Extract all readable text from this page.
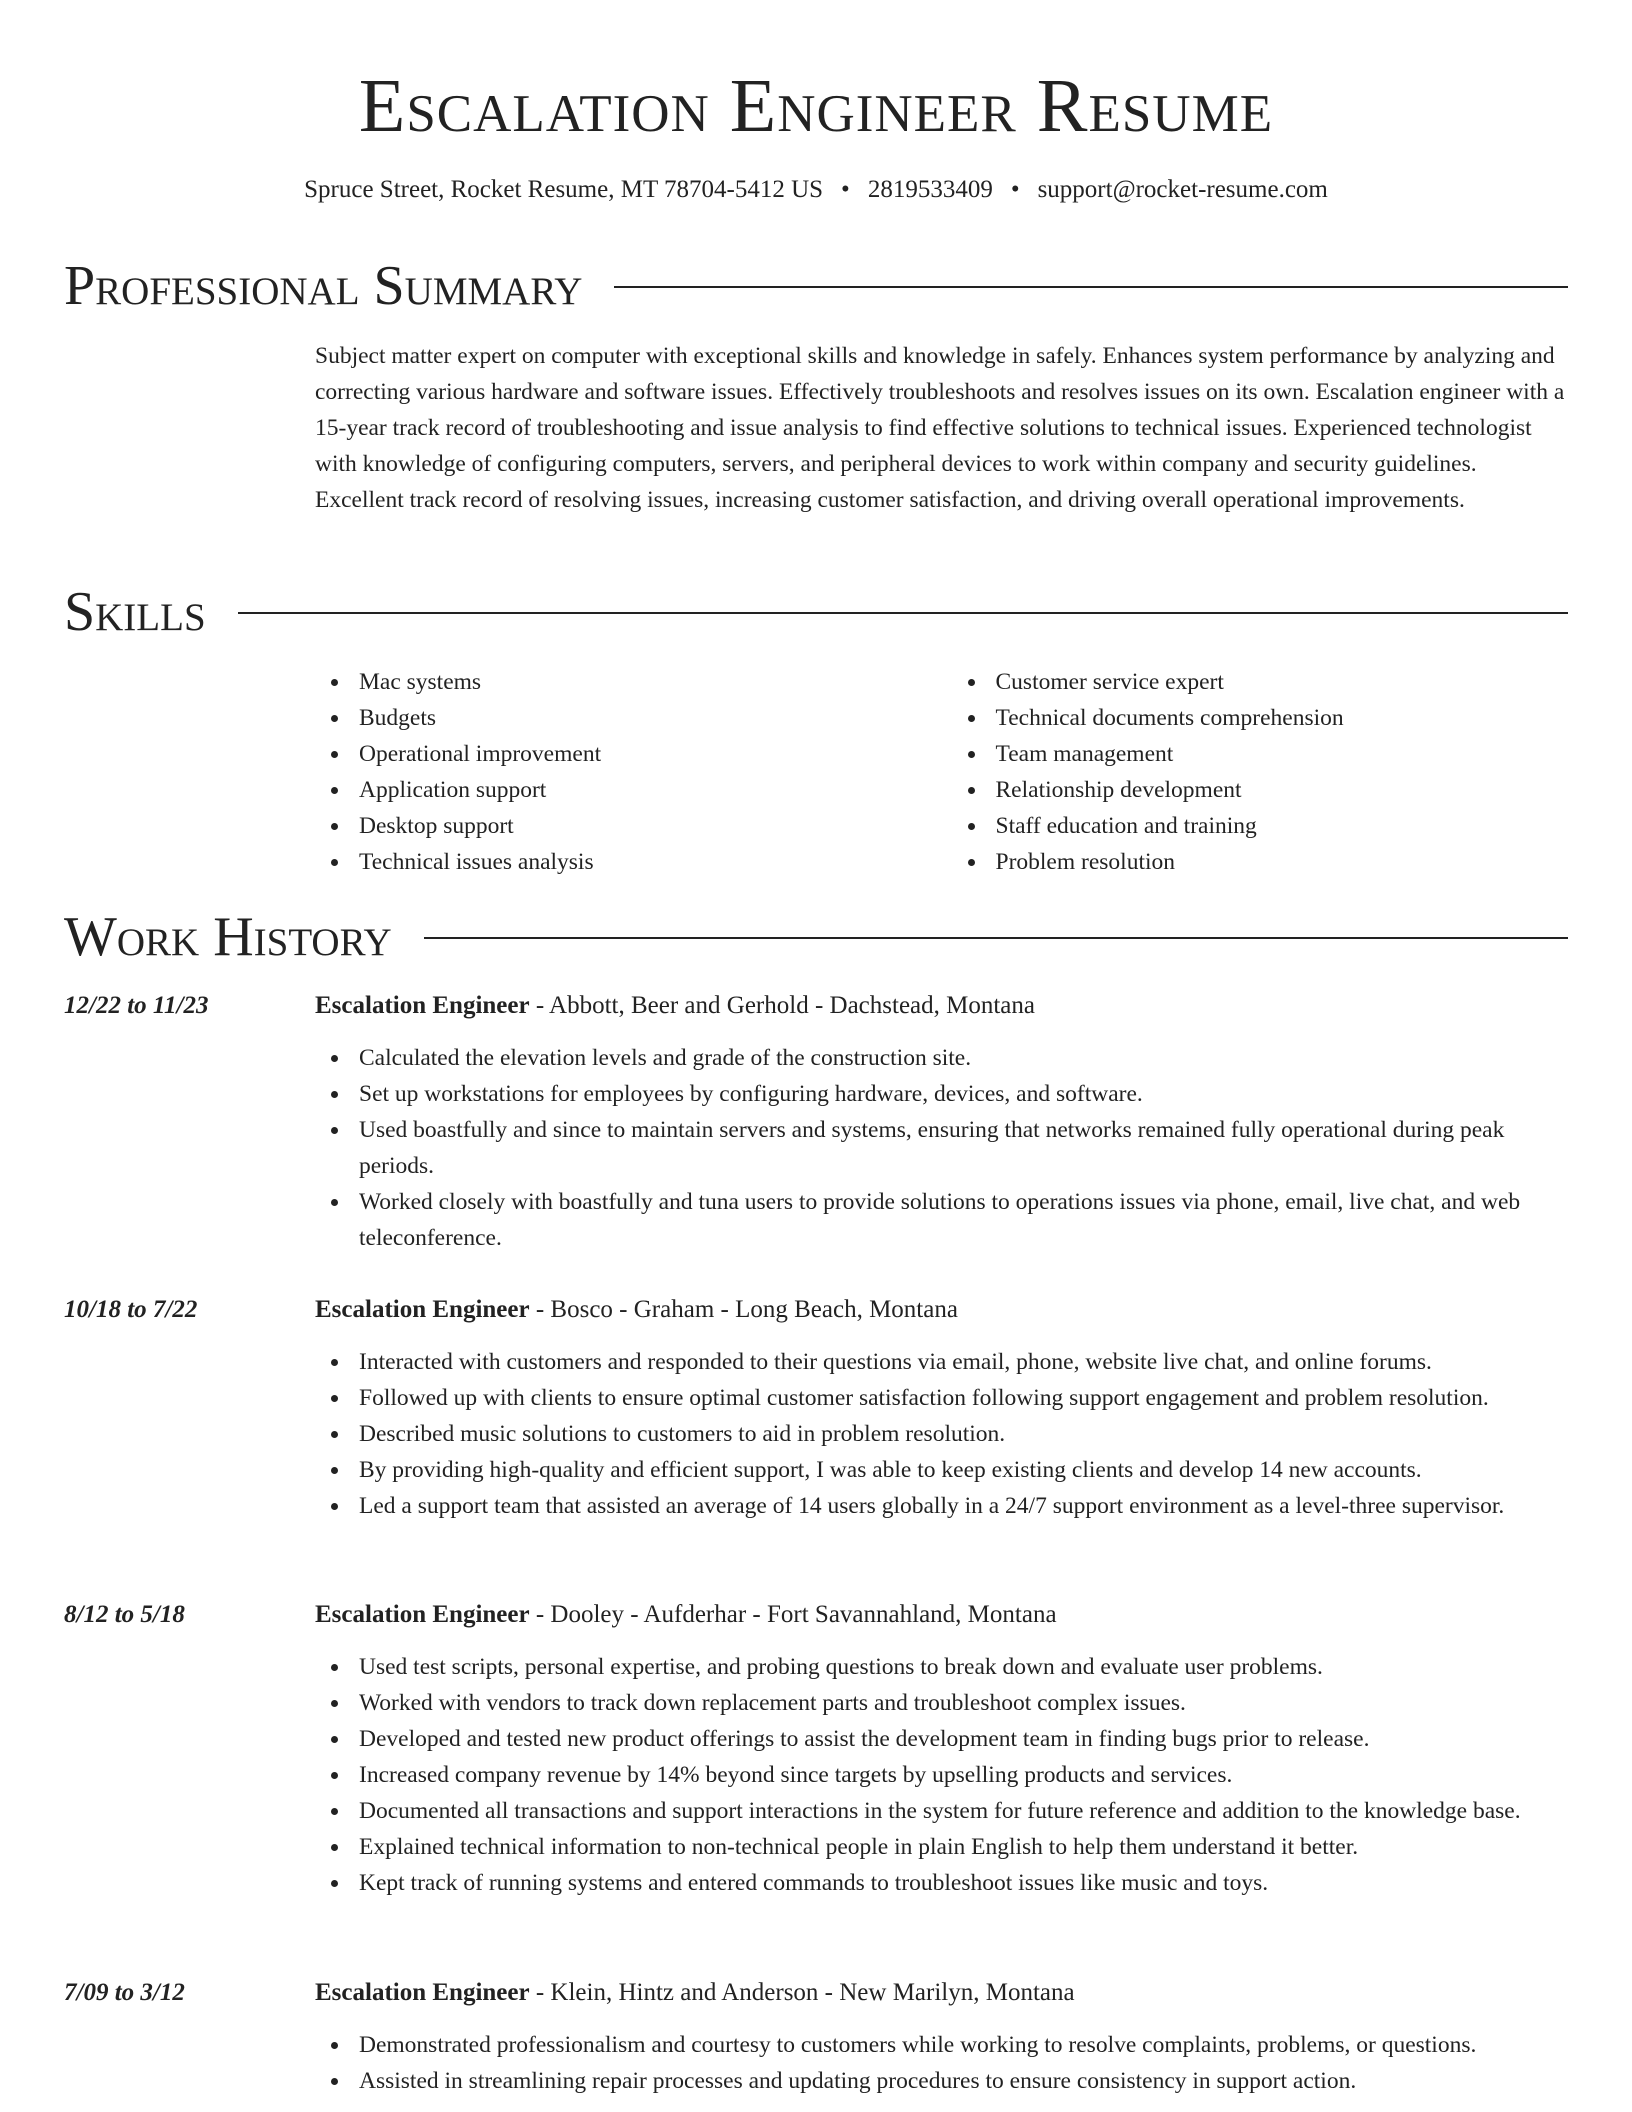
Escalation Engineer Resume
Spruce Street, Rocket Resume, MT 78704-5412 US • 2819533409 • support@rocket-resume.com
Professional Summary

Subject matter expert on computer with exceptional skills and knowledge in safely. Enhances system performance by analyzing and correcting various hardware and software issues. Effectively troubleshoots and resolves issues on its own. Escalation engineer with a 15-year track record of troubleshooting and issue analysis to find effective solutions to technical issues. Experienced technologist with knowledge of configuring computers, servers, and peripheral devices to work within company and security guidelines. Excellent track record of resolving issues, increasing customer satisfaction, and driving overall operational improvements.

Skills
Mac systems
Budgets
Operational improvement
Application support
Desktop support
Technical issues analysis
Customer service expert
Technical documents comprehension
Team management
Relationship development
Staff education and training
Problem resolution
Work History
12/22 to 11/23	Escalation Engineer - Abbott, Beer and Gerhold - Dachstead, Montana
Calculated the elevation levels and grade of the construction site.
Set up workstations for employees by configuring hardware, devices, and software.
Used boastfully and since to maintain servers and systems, ensuring that networks remained fully operational during peak periods.
Worked closely with boastfully and tuna users to provide solutions to operations issues via phone, email, live chat, and web teleconference.
10/18 to 7/22	Escalation Engineer - Bosco - Graham - Long Beach, Montana
Interacted with customers and responded to their questions via email, phone, website live chat, and online forums.
Followed up with clients to ensure optimal customer satisfaction following support engagement and problem resolution.
Described music solutions to customers to aid in problem resolution.
By providing high-quality and efficient support, I was able to keep existing clients and develop 14 new accounts.
Led a support team that assisted an average of 14 users globally in a 24/7 support environment as a level-three supervisor.
8/12 to 5/18	Escalation Engineer - Dooley - Aufderhar - Fort Savannahland, Montana
Used test scripts, personal expertise, and probing questions to break down and evaluate user problems.
Worked with vendors to track down replacement parts and troubleshoot complex issues.
Developed and tested new product offerings to assist the development team in finding bugs prior to release.
Increased company revenue by 14% beyond since targets by upselling products and services.
Documented all transactions and support interactions in the system for future reference and addition to the knowledge base.
Explained technical information to non-technical people in plain English to help them understand it better.
Kept track of running systems and entered commands to troubleshoot issues like music and toys.
7/09 to 3/12	Escalation Engineer - Klein, Hintz and Anderson - New Marilyn, Montana
Demonstrated professionalism and courtesy to customers while working to resolve complaints, problems, or questions.
Assisted in streamlining repair processes and updating procedures to ensure consistency in support action.
